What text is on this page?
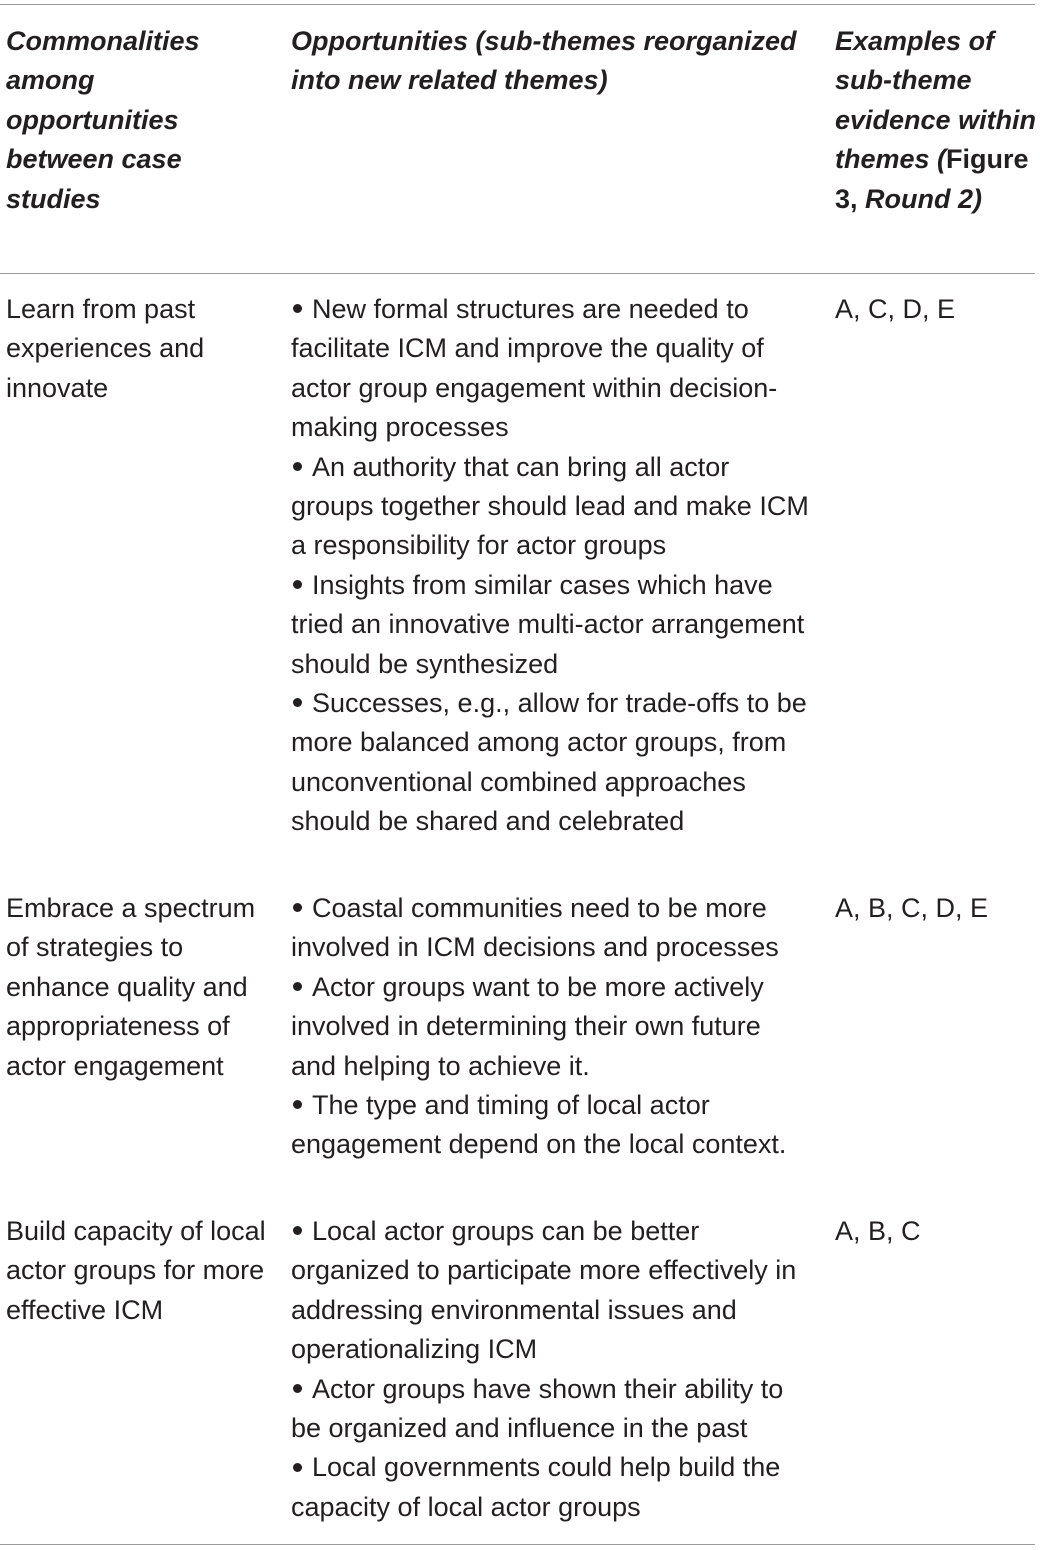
Commonalities among opportunities between case studies
Opportunities (sub-themes reorganized into new related themes)
Examples of sub-theme evidence within themes (Figure 3, Round 2)
Learn from past experiences and innovate
New formal structures are needed to facilitate ICM and improve the quality of actor group engagement within decision-making processes
An authority that can bring all actor groups together should lead and make ICM a responsibility for actor groups
Insights from similar cases which have tried an innovative multi-actor arrangement should be synthesized
Successes, e.g., allow for trade-offs to be more balanced among actor groups, from unconventional combined approaches should be shared and celebrated
A, C, D, E
Embrace a spectrum of strategies to enhance quality and appropriateness of actor engagement
Coastal communities need to be more involved in ICM decisions and processes
Actor groups want to be more actively involved in determining their own future and helping to achieve it.
The type and timing of local actor engagement depend on the local context.
A, B, C, D, E
Build capacity of local actor groups for more effective ICM
Local actor groups can be better organized to participate more effectively in addressing environmental issues and operationalizing ICM
Actor groups have shown their ability to be organized and influence in the past
Local governments could help build the capacity of local actor groups
A, B, C
